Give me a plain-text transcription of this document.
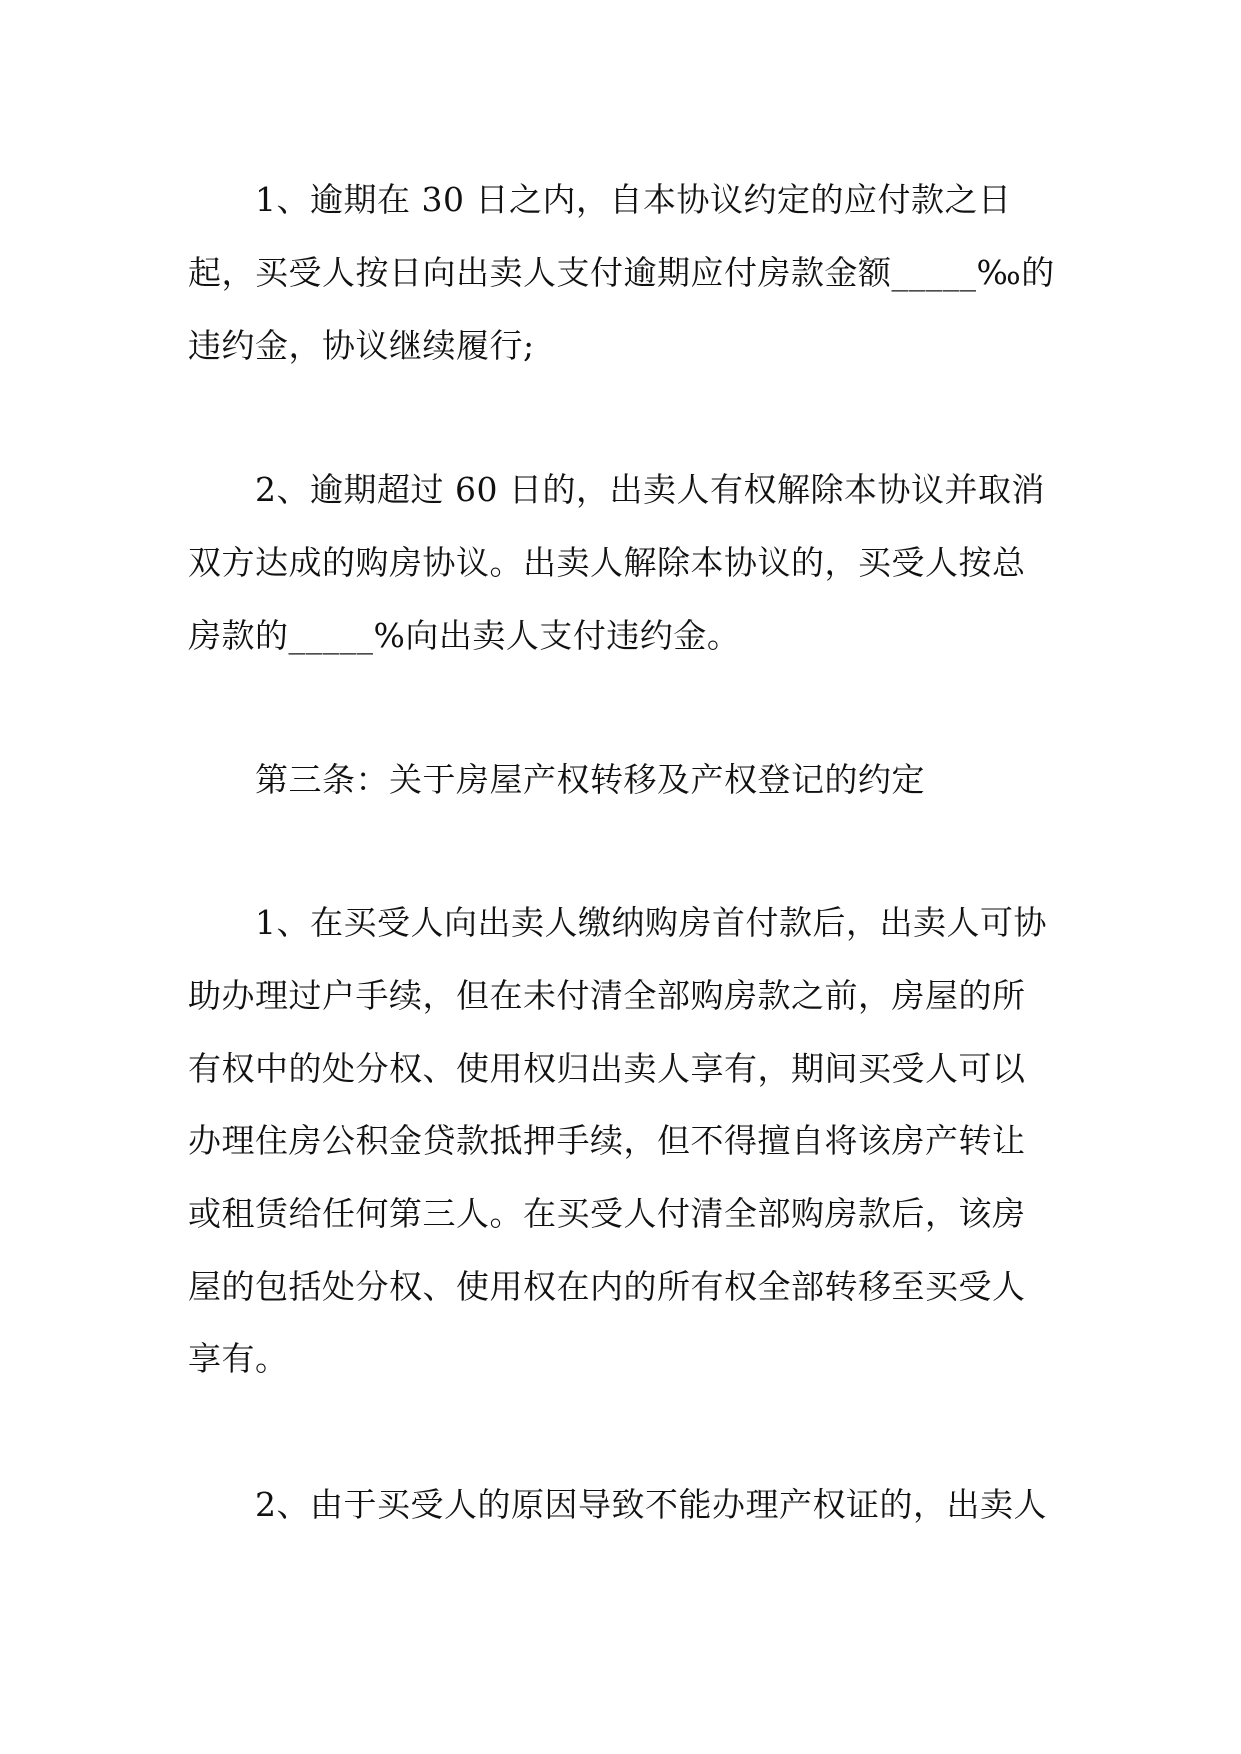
1、逾期在 30 日之内，自本协议约定的应付款之日
起，买受人按日向出卖人支付逾期应付房款金额_____‰的
违约金，协议继续履行;
2、逾期超过 60 日的，出卖人有权解除本协议并取消
双方达成的购房协议。出卖人解除本协议的，买受人按总
房款的_____%向出卖人支付违约金。
第三条：关于房屋产权转移及产权登记的约定
1、在买受人向出卖人缴纳购房首付款后，出卖人可协
助办理过户手续，但在未付清全部购房款之前，房屋的所
有权中的处分权、使用权归出卖人享有，期间买受人可以
办理住房公积金贷款抵押手续，但不得擅自将该房产转让
或租赁给任何第三人。在买受人付清全部购房款后，该房
屋的包括处分权、使用权在内的所有权全部转移至买受人
享有。
2、由于买受人的原因导致不能办理产权证的，出卖人
